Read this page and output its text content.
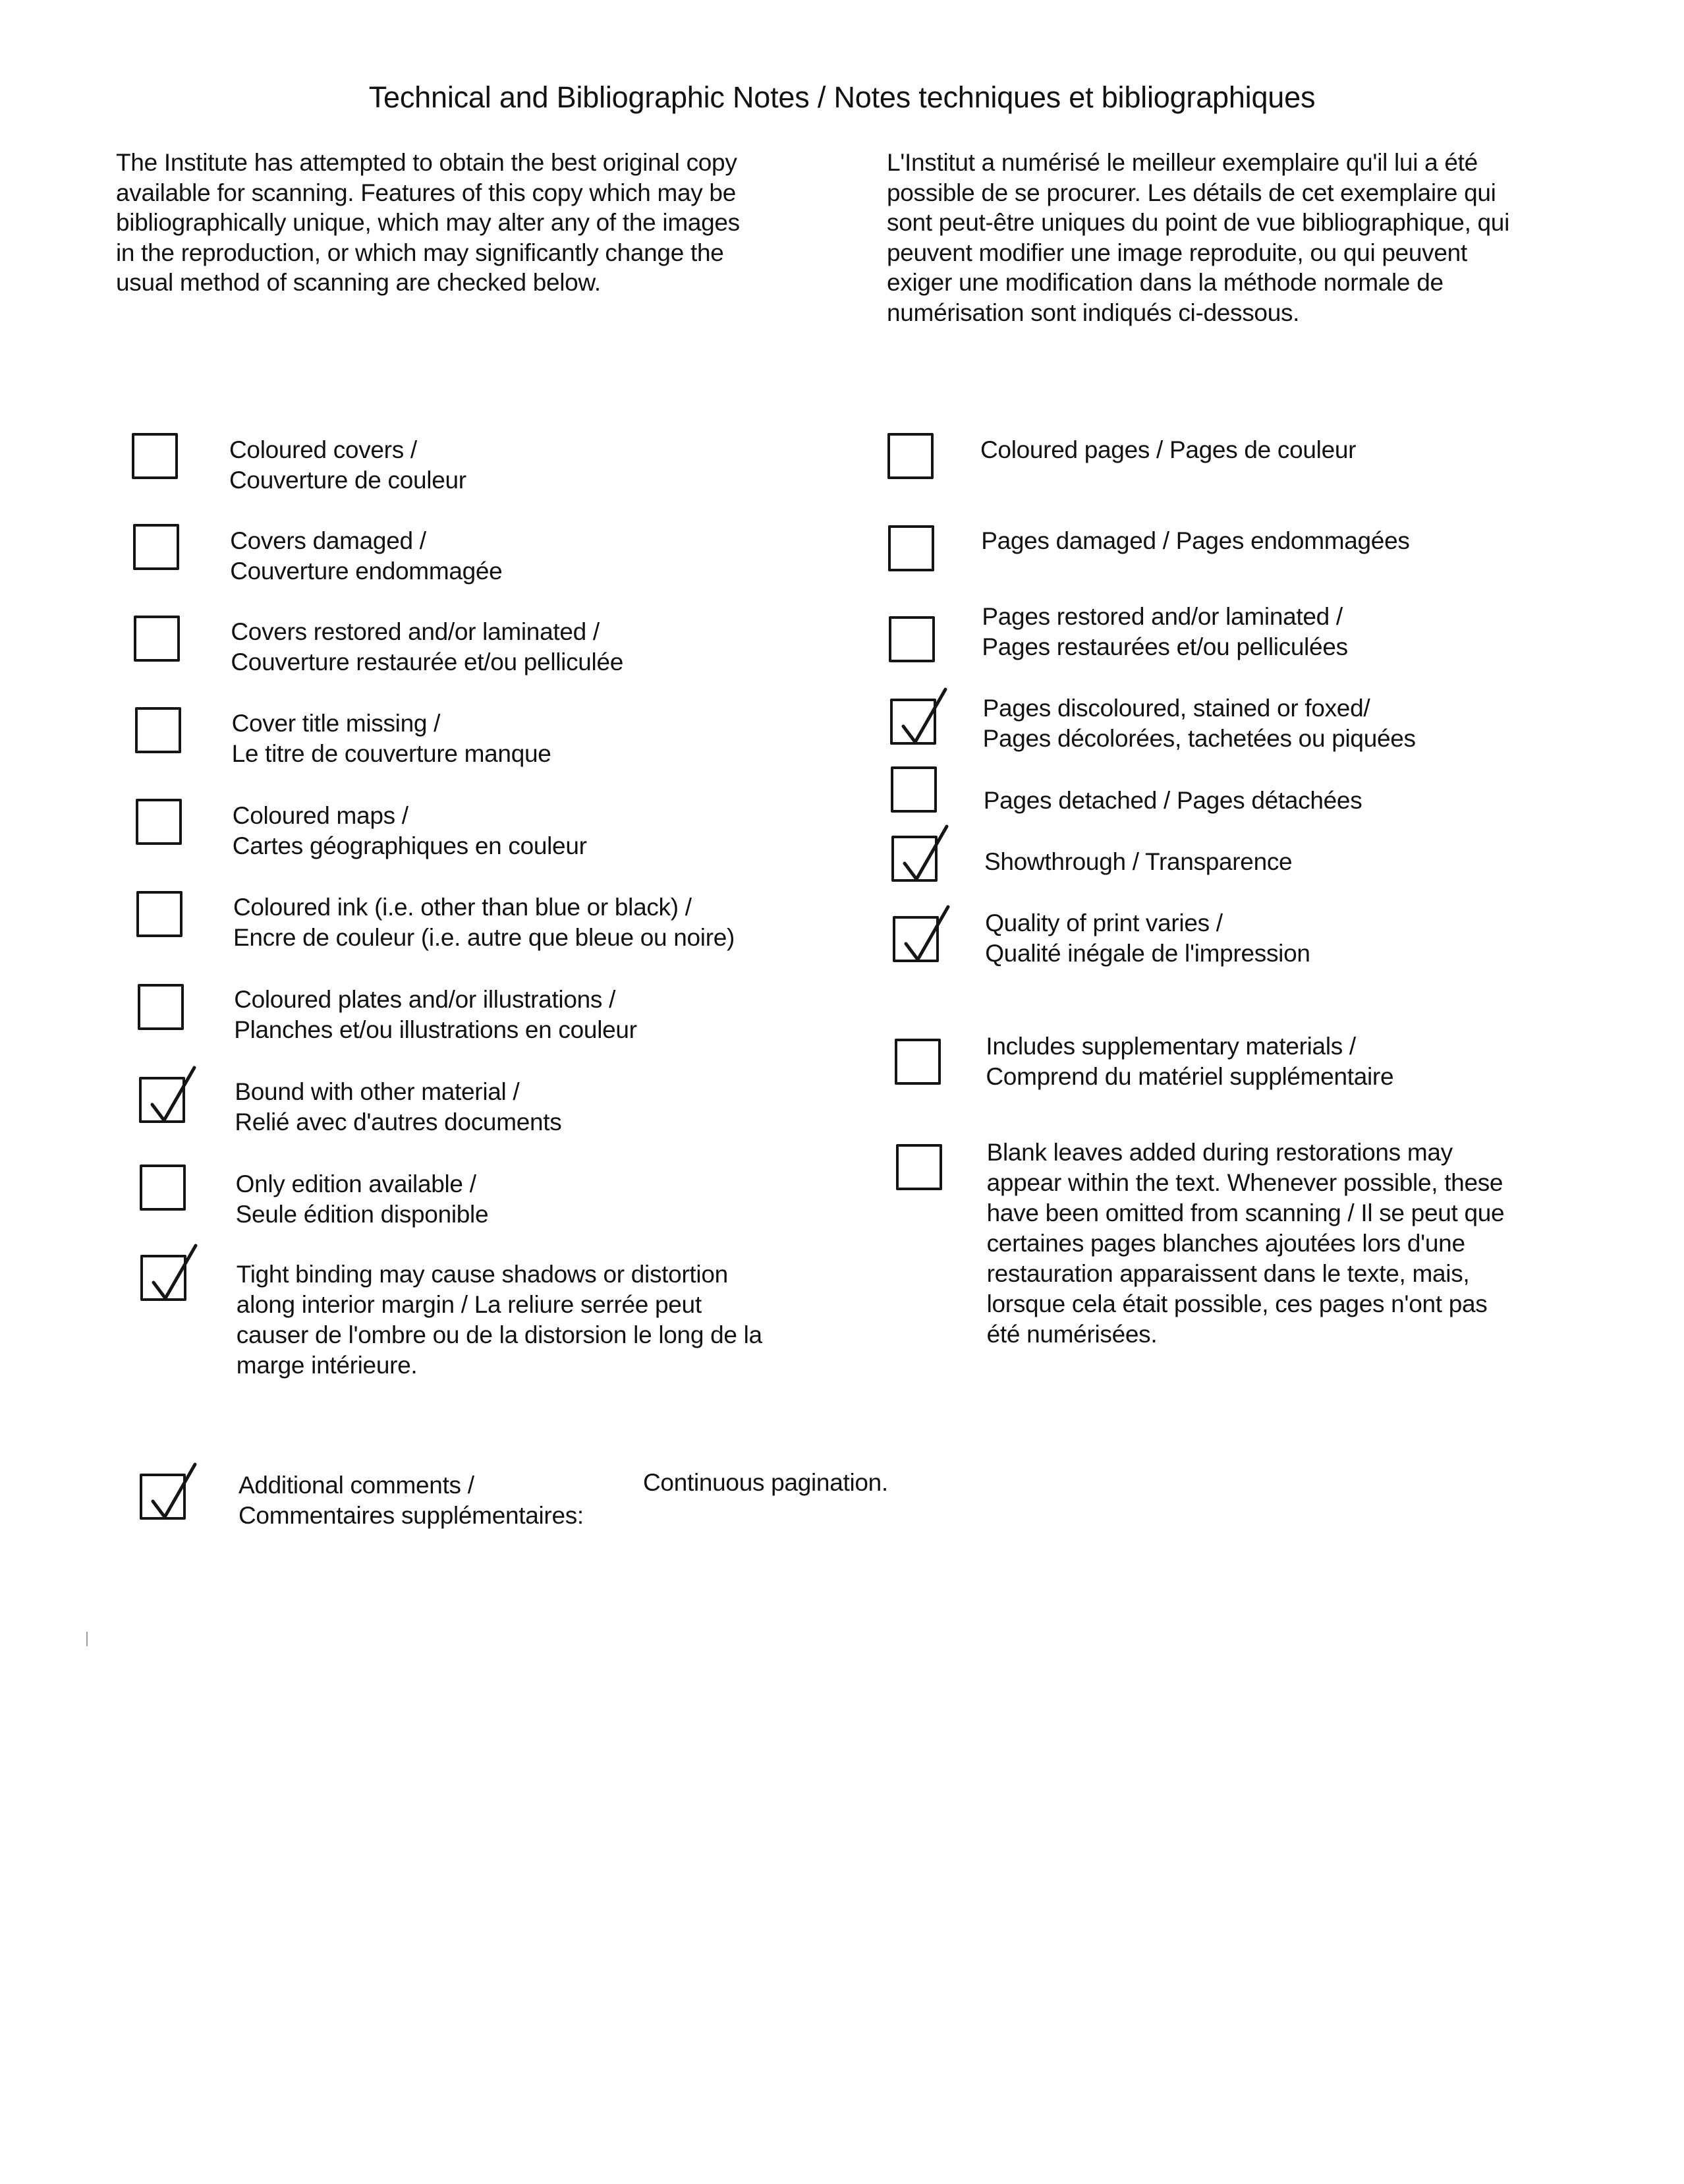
Technical and Bibliographic Notes / Notes techniques et bibliographiques
The Institute has attempted to obtain the best original copy
available for scanning. Features of this copy which may be
bibliographically unique, which may alter any of the images
in the reproduction, or which may significantly change the
usual method of scanning are checked below.
L'Institut a numérisé le meilleur exemplaire qu'il lui a été
possible de se procurer. Les détails de cet exemplaire qui
sont peut-être uniques du point de vue bibliographique, qui
peuvent modifier une image reproduite, ou qui peuvent
exiger une modification dans la méthode normale de
numérisation sont indiqués ci-dessous.
Coloured covers /
Couverture de couleur
Covers damaged /
Couverture endommagée
Covers restored and/or laminated /
Couverture restaurée et/ou pelliculée
Cover title missing /
Le titre de couverture manque
Coloured maps /
Cartes géographiques en couleur
Coloured ink (i.e. other than blue or black) /
Encre de couleur (i.e. autre que bleue ou noire)
Coloured plates and/or illustrations /
Planches et/ou illustrations en couleur
Bound with other material /
Relié avec d'autres documents
Only edition available /
Seule édition disponible
Tight binding may cause shadows or distortion
along interior margin / La reliure serrée peut
causer de l'ombre ou de la distorsion le long de la
marge intérieure.
Coloured pages / Pages de couleur
Pages damaged / Pages endommagées
Pages restored and/or laminated /
Pages restaurées et/ou pelliculées
Pages discoloured, stained or foxed/
Pages décolorées, tachetées ou piquées
Pages detached / Pages détachées
Showthrough / Transparence
Quality of print varies /
Qualité inégale de l'impression
Includes supplementary materials /
Comprend du matériel supplémentaire
Blank leaves added during restorations may
appear within the text. Whenever possible, these
have been omitted from scanning / Il se peut que
certaines pages blanches ajoutées lors d'une
restauration apparaissent dans le texte, mais,
lorsque cela était possible, ces pages n'ont pas
été numérisées.
Additional comments /
Commentaires supplémentaires:
Continuous pagination.
